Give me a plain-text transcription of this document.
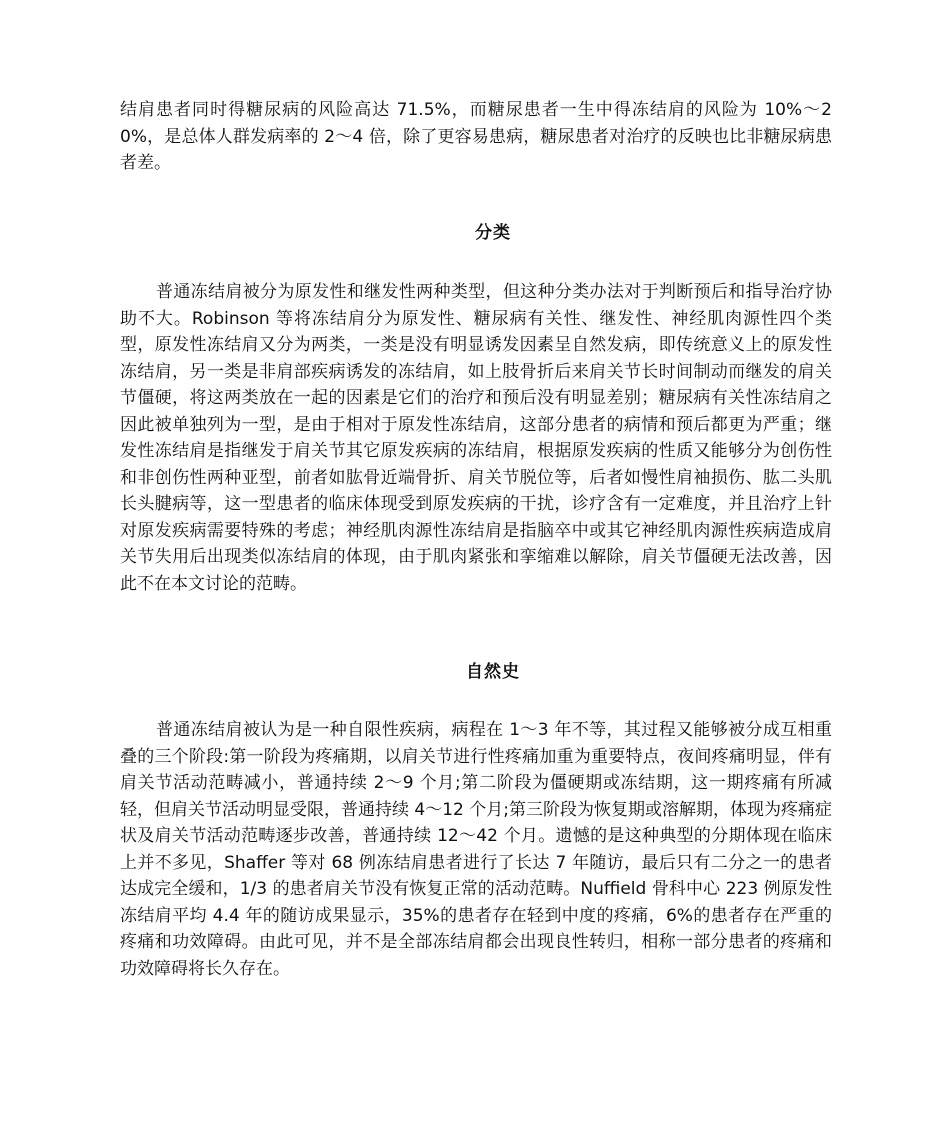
结肩患者同时得糖尿病的风险高达 71.5%，而糖尿患者一生中得冻结肩的风险为 10%～20%，是总体人群发病率的 2～4 倍，除了更容易患病，糖尿患者对治疗的反映也比非糖尿病患者差。

分类

普通冻结肩被分为原发性和继发性两种类型，但这种分类办法对于判断预后和指导治疗协助不大。Robinson 等将冻结肩分为原发性、糖尿病有关性、继发性、神经肌肉源性四个类型，原发性冻结肩又分为两类，一类是没有明显诱发因素呈自然发病，即传统意义上的原发性冻结肩，另一类是非肩部疾病诱发的冻结肩，如上肢骨折后来肩关节长时间制动而继发的肩关节僵硬，将这两类放在一起的因素是它们的治疗和预后没有明显差别；糖尿病有关性冻结肩之因此被单独列为一型，是由于相对于原发性冻结肩，这部分患者的病情和预后都更为严重；继发性冻结肩是指继发于肩关节其它原发疾病的冻结肩，根据原发疾病的性质又能够分为创伤性和非创伤性两种亚型，前者如肱骨近端骨折、肩关节脱位等，后者如慢性肩袖损伤、肱二头肌长头腱病等，这一型患者的临床体现受到原发疾病的干扰，诊疗含有一定难度，并且治疗上针对原发疾病需要特殊的考虑；神经肌肉源性冻结肩是指脑卒中或其它神经肌肉源性疾病造成肩关节失用后出现类似冻结肩的体现，由于肌肉紧张和挛缩难以解除，肩关节僵硬无法改善，因此不在本文讨论的范畴。

自然史

普通冻结肩被认为是一种自限性疾病，病程在 1～3 年不等，其过程又能够被分成互相重叠的三个阶段:第一阶段为疼痛期，以肩关节进行性疼痛加重为重要特点，夜间疼痛明显，伴有肩关节活动范畴减小，普通持续 2～9 个月;第二阶段为僵硬期或冻结期，这一期疼痛有所减轻，但肩关节活动明显受限，普通持续 4～12 个月;第三阶段为恢复期或溶解期，体现为疼痛症状及肩关节活动范畴逐步改善，普通持续 12～42 个月。遗憾的是这种典型的分期体现在临床上并不多见，Shaffer 等对 68 例冻结肩患者进行了长达 7 年随访，最后只有二分之一的患者达成完全缓和，1/3 的患者肩关节没有恢复正常的活动范畴。Nuffield 骨科中心 223 例原发性冻结肩平均 4.4 年的随访成果显示，35%的患者存在轻到中度的疼痛，6%的患者存在严重的疼痛和功效障碍。由此可见，并不是全部冻结肩都会出现良性转归，相称一部分患者的疼痛和功效障碍将长久存在。
